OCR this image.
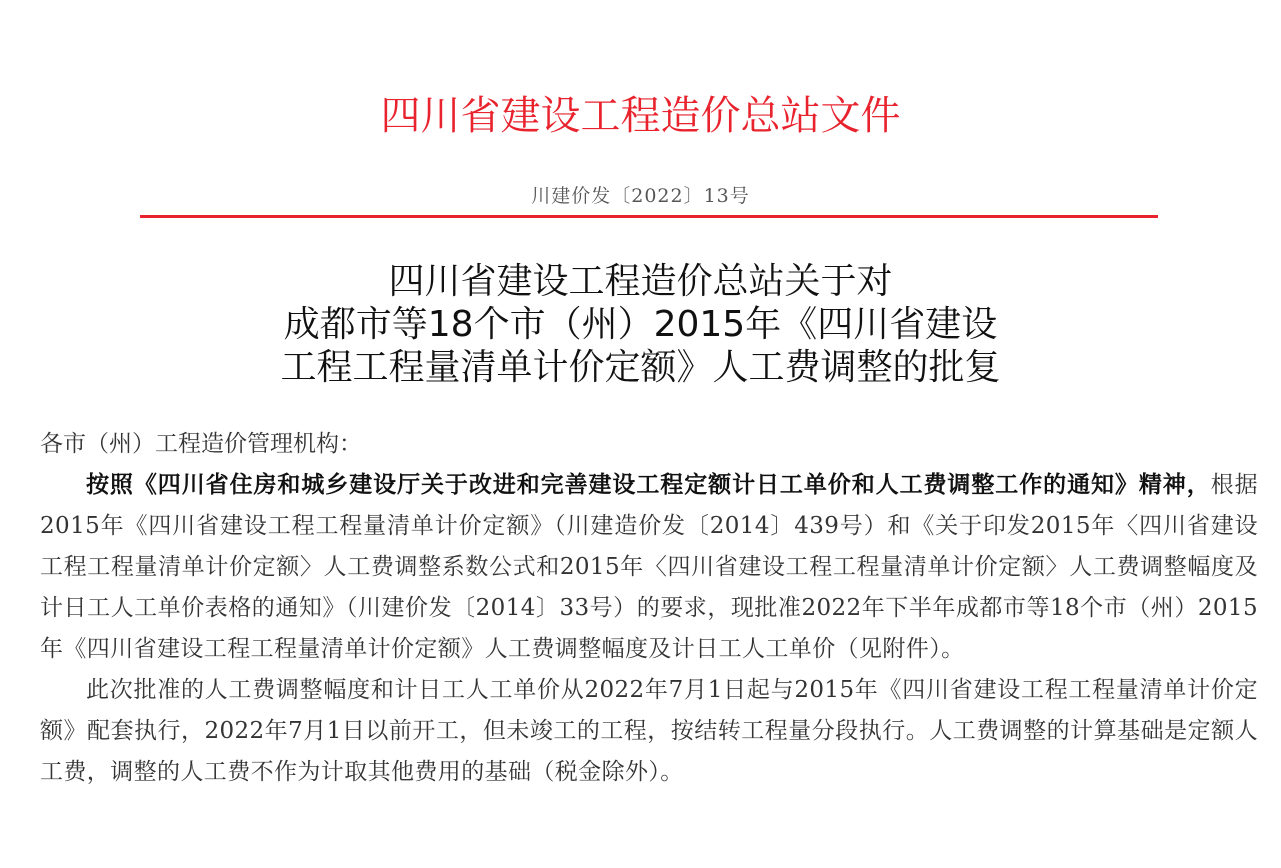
四川省建设工程造价总站文件
川建价发〔2022〕13号
四川省建设工程造价总站关于对
成都市等18个市（州）2015年《四川省建设
工程工程量清单计价定额》人工费调整的批复

各市（州）工程造价管理机构：

按照《四川省住房和城乡建设厅关于改进和完善建设工程定额计日工单价和人工费调整工作的通知》精神，根据2015年《四川省建设工程工程量清单计价定额》（川建造价发〔2014〕439号）和《关于印发2015年〈四川省建设工程工程量清单计价定额〉人工费调整系数公式和2015年〈四川省建设工程工程量清单计价定额〉人工费调整幅度及计日工人工单价表格的通知》（川建价发〔2014〕33号）的要求，现批准2022年下半年成都市等18个市（州）2015年《四川省建设工程工程量清单计价定额》人工费调整幅度及计日工人工单价（见附件）。

此次批准的人工费调整幅度和计日工人工单价从2022年7月1日起与2015年《四川省建设工程工程量清单计价定额》配套执行，2022年7月1日以前开工，但未竣工的工程，按结转工程量分段执行。人工费调整的计算基础是定额人工费，调整的人工费不作为计取其他费用的基础（税金除外）。
